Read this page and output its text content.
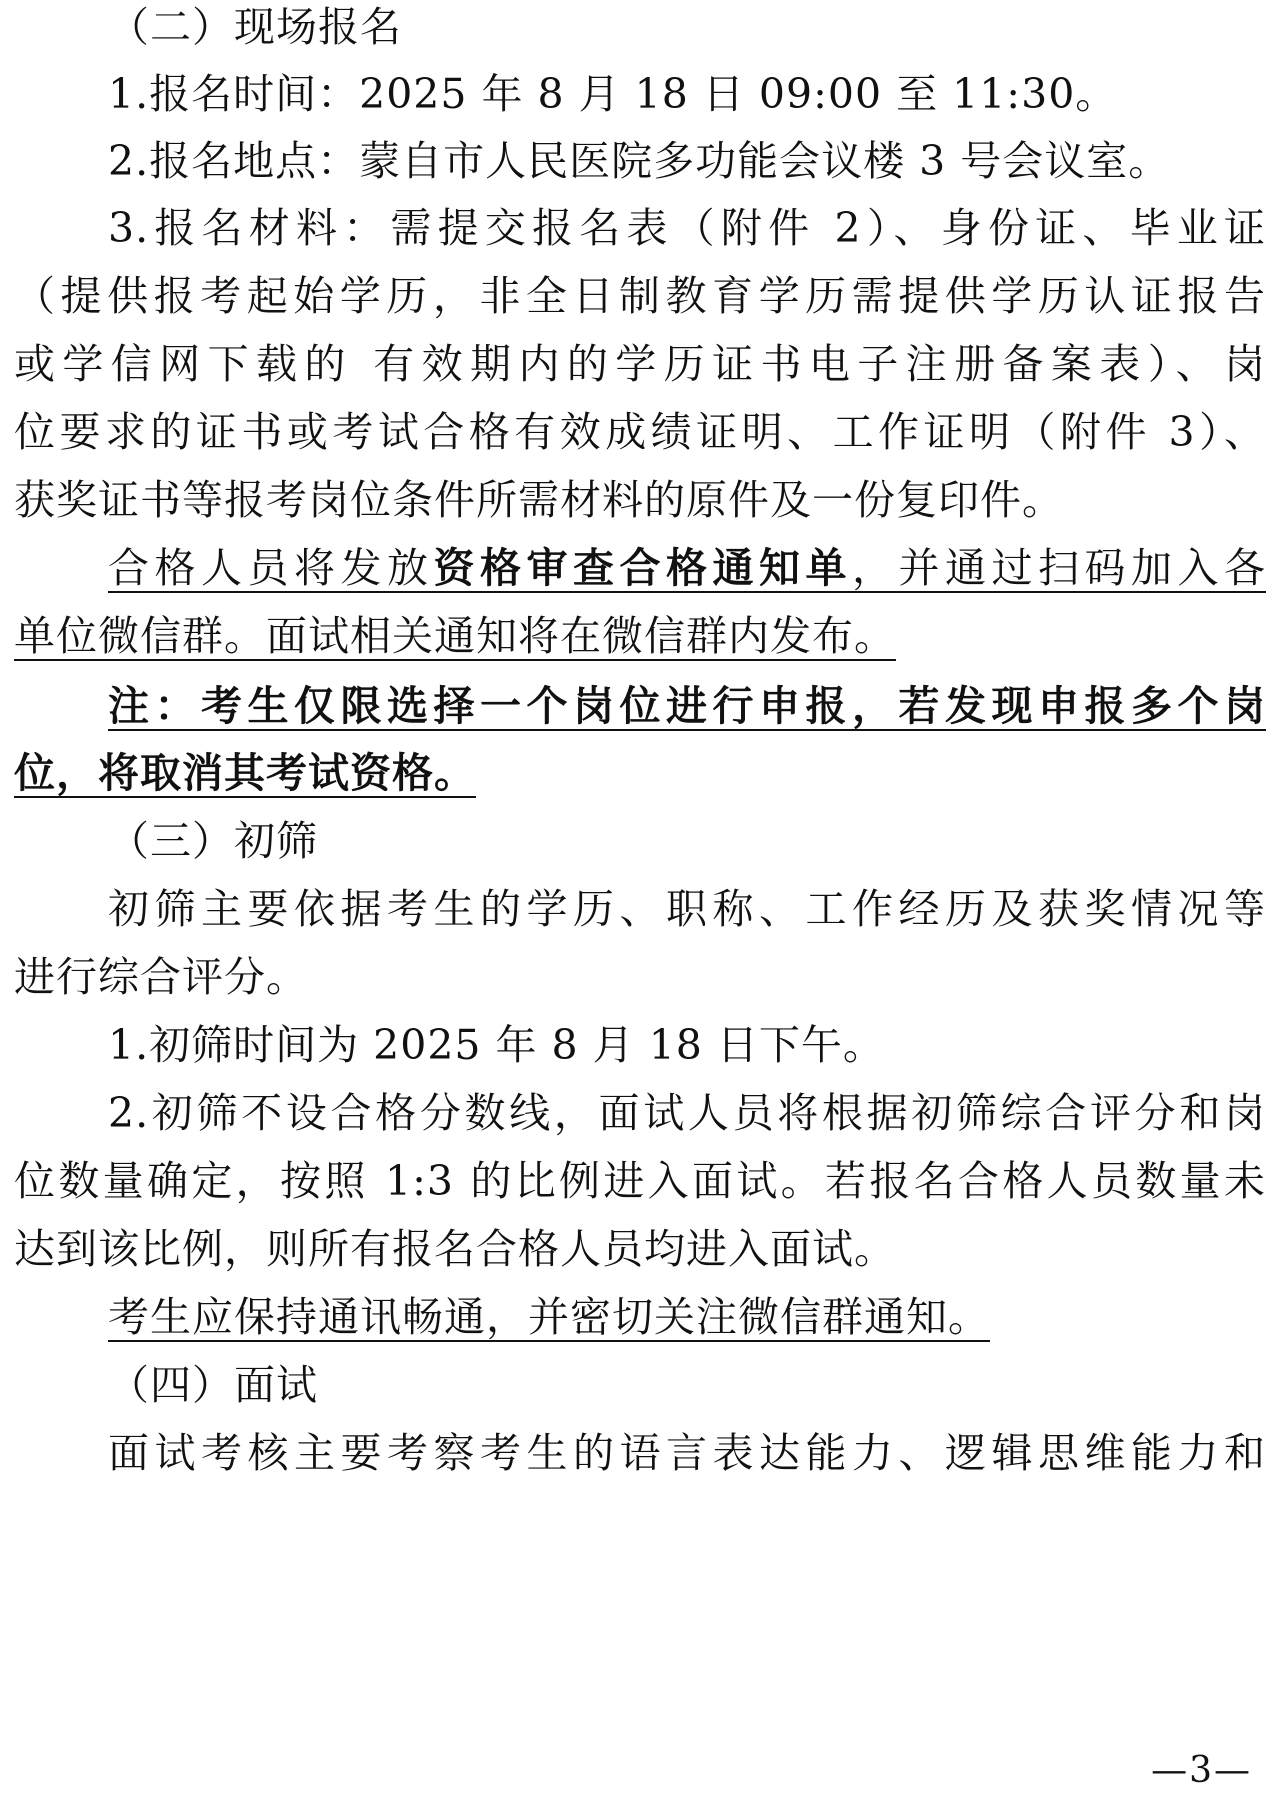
（二）现场报名
1.报名时间：2025 年 8 月 18 日 09:00 至 11:30。
2.报名地点：蒙自市人民医院多功能会议楼 3 号会议室。
3.报名材料：需提交报名表（附件 2）、身份证、毕业证
（提供报考起始学历，非全日制教育学历需提供学历认证报告
或学信网下载的 有效期内的学历证书电子注册备案表）、岗
位要求的证书或考试合格有效成绩证明、工作证明（附件 3）、
获奖证书等报考岗位条件所需材料的原件及一份复印件。
合格人员将发放资格审查合格通知单，并通过扫码加入各
单位微信群。面试相关通知将在微信群内发布。
注：考生仅限选择一个岗位进行申报，若发现申报多个岗
位，将取消其考试资格。
（三）初筛
初筛主要依据考生的学历、职称、工作经历及获奖情况等
进行综合评分。
1.初筛时间为 2025 年 8 月 18 日下午。
2.初筛不设合格分数线，面试人员将根据初筛综合评分和岗
位数量确定，按照 1:3 的比例进入面试。若报名合格人员数量未
达到该比例，则所有报名合格人员均进入面试。
考生应保持通讯畅通，并密切关注微信群通知。
（四）面试
面试考核主要考察考生的语言表达能力、逻辑思维能力和
—3—
